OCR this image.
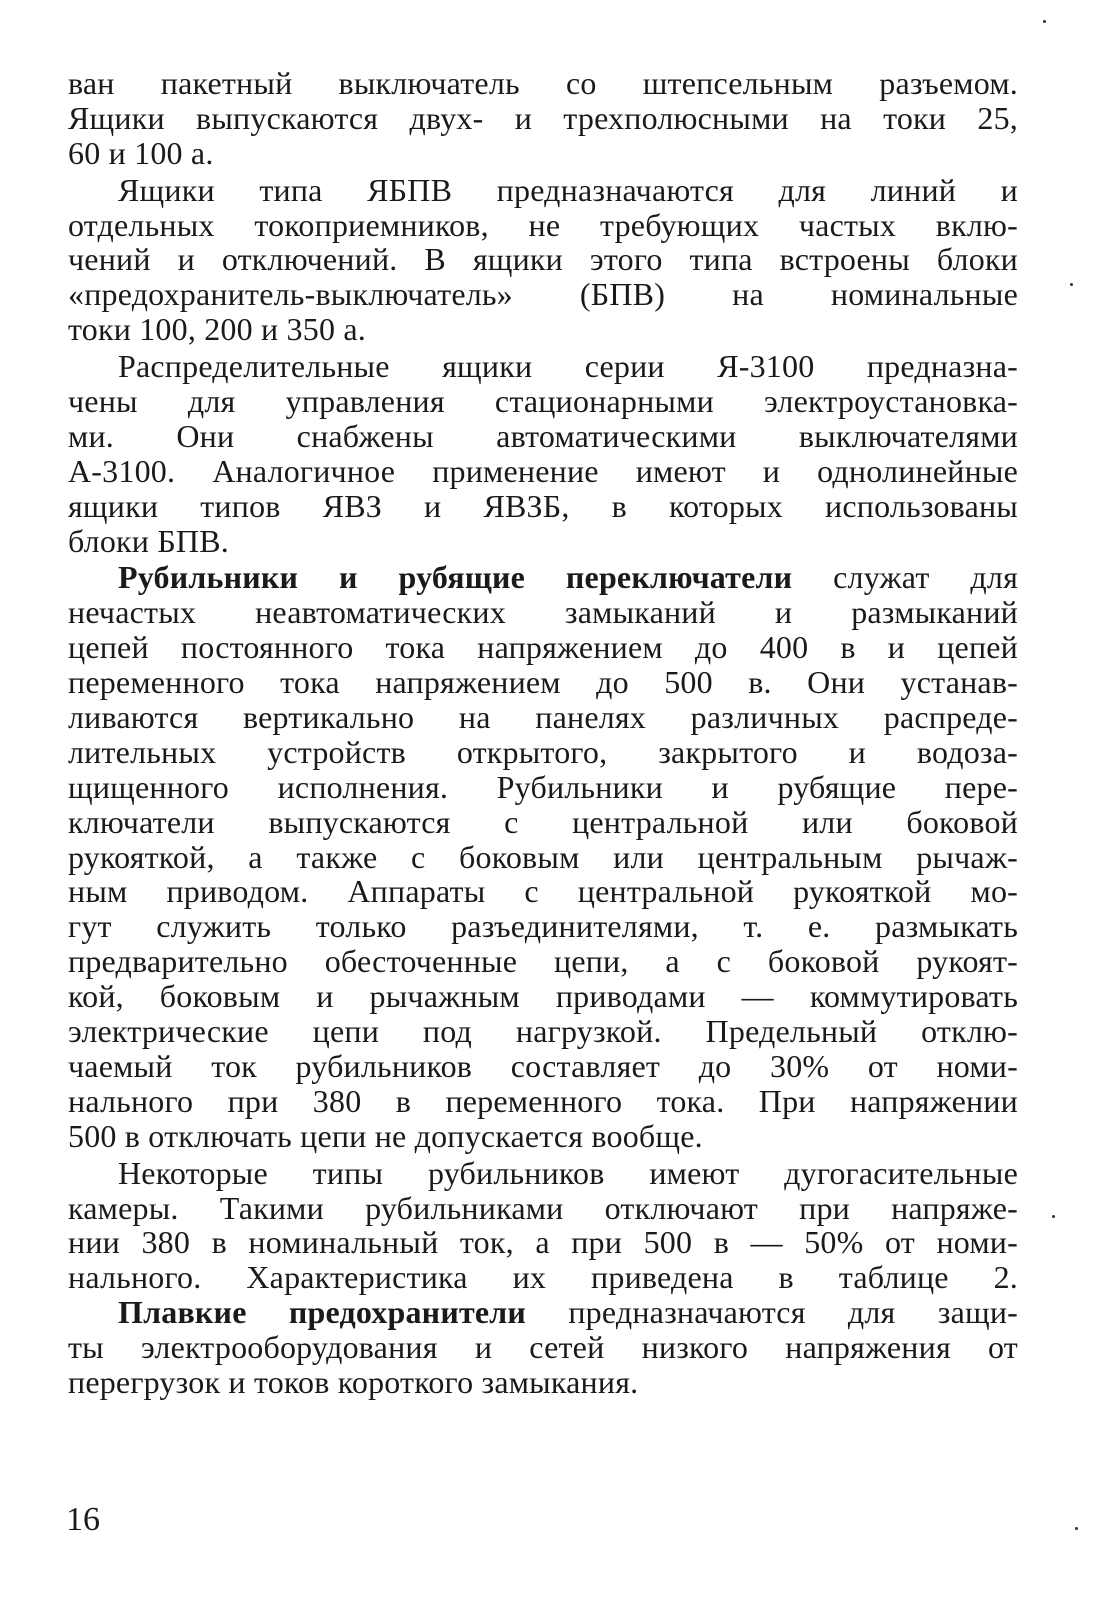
ван пакетный выключатель со штепсельным разъемом.
Ящики выпускаются двух- и трехполюсными на токи 25,
60 и 100 а.
Ящики типа ЯБПВ предназначаются для линий и
отдельных токоприемников, не требующих частых вклю-
чений и отключений. В ящики этого типа встроены блоки
«предохранитель-выключатель» (БПВ) на номинальные
токи 100, 200 и 350 а.
Распределительные ящики серии Я-3100 предназна-
чены для управления стационарными электроустановка-
ми. Они снабжены автоматическими выключателями
А-3100. Аналогичное применение имеют и однолинейные
ящики типов ЯВЗ и ЯВЗБ, в которых использованы
блоки БПВ.
Рубильники и рубящие переключатели служат для
нечастых неавтоматических замыканий и размыканий
цепей постоянного тока напряжением до 400 в и цепей
переменного тока напряжением до 500 в. Они устанав-
ливаются вертикально на панелях различных распреде-
лительных устройств открытого, закрытого и водоза-
щищенного исполнения. Рубильники и рубящие пере-
ключатели выпускаются с центральной или боковой
рукояткой, а также с боковым или центральным рычаж-
ным приводом. Аппараты с центральной рукояткой мо-
гут служить только разъединителями, т. е. размыкать
предварительно обесточенные цепи, а с боковой рукоят-
кой, боковым и рычажным приводами — коммутировать
электрические цепи под нагрузкой. Предельный отклю-
чаемый ток рубильников составляет до 30% от номи-
нального при 380 в переменного тока. При напряжении
500 в отключать цепи не допускается вообще.
Некоторые типы рубильников имеют дугогасительные
камеры. Такими рубильниками отключают при напряже-
нии 380 в номинальный ток, а при 500 в — 50% от номи-
нального. Характеристика их приведена в таблице 2.
Плавкие предохранители предназначаются для защи-
ты электрооборудования и сетей низкого напряжения от
перегрузок и токов короткого замыкания.
16
